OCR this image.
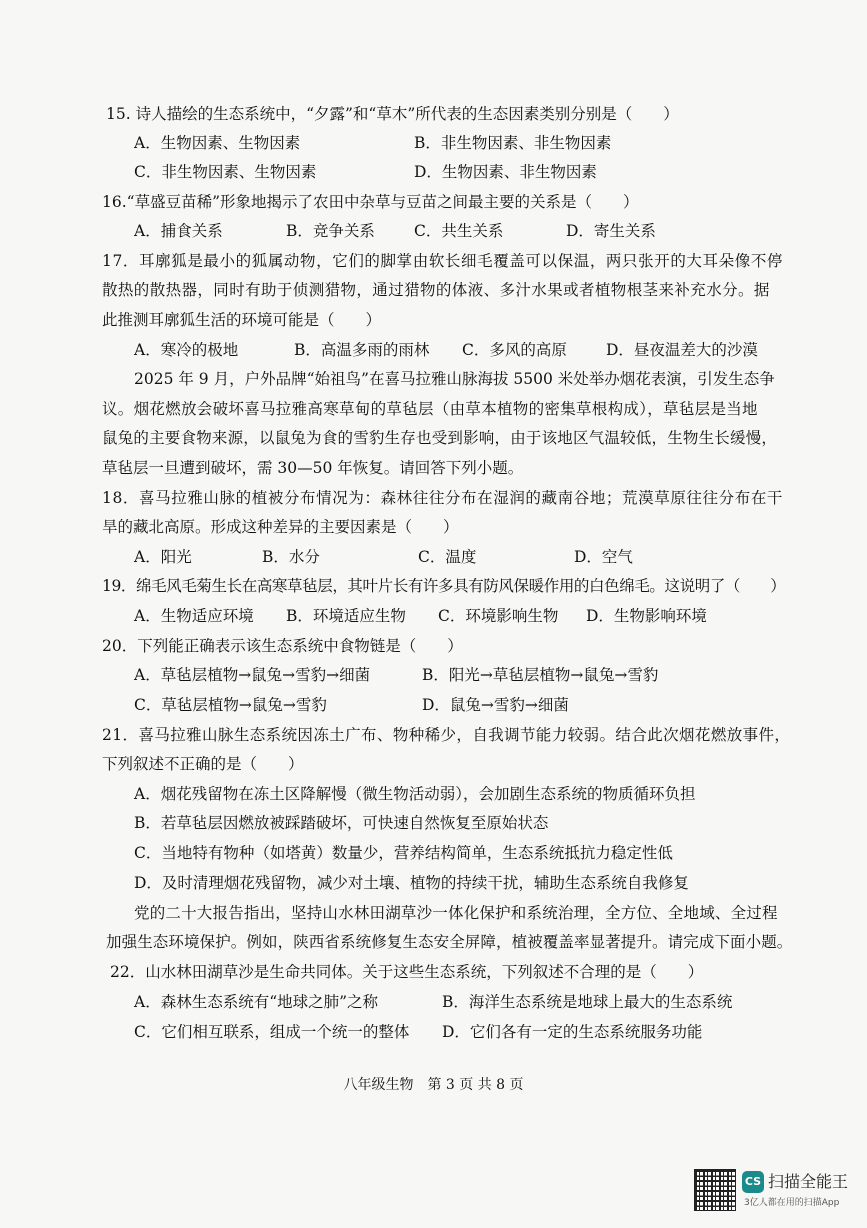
15. 诗人描绘的生态系统中，“夕露”和“草木”所代表的生态因素类别分别是（　　）
A．生物因素、生物因素	B．非生物因素、非生物因素
C．非生物因素、生物因素	D．生物因素、非生物因素
16.“草盛豆苗稀”形象地揭示了农田中杂草与豆苗之间最主要的关系是（　　）
A．捕食关系	B．竞争关系	C．共生关系	D．寄生关系
17．耳廓狐是最小的狐属动物，它们的脚掌由软长细毛覆盖可以保温，两只张开的大耳朵像不停
散热的散热器，同时有助于侦测猎物，通过猎物的体液、多汁水果或者植物根茎来补充水分。据
此推测耳廓狐生活的环境可能是（　　）
A．寒冷的极地	B．高温多雨的雨林 C．多风的高原	D．昼夜温差大的沙漠
2025 年 9 月，户外品牌“始祖鸟”在喜马拉雅山脉海拔 5500 米处举办烟花表演，引发生态争
议。烟花燃放会破坏喜马拉雅高寒草甸的草毡层（由草本植物的密集草根构成），草毡层是当地
鼠兔的主要食物来源，以鼠兔为食的雪豹生存也受到影响，由于该地区气温较低，生物生长缓慢，
草毡层一旦遭到破坏，需 30—50 年恢复。请回答下列小题。
18．喜马拉雅山脉的植被分布情况为：森林往往分布在湿润的藏南谷地；荒漠草原往往分布在干
旱的藏北高原。形成这种差异的主要因素是（　　）
A．阳光	B．水分	C．温度	D．空气
19．绵毛风毛菊生长在高寒草毡层，其叶片长有许多具有防风保暖作用的白色绵毛。这说明了（　　）
A．生物适应环境 B．环境适应生物 C．环境影响生物 D．生物影响环境
20．下列能正确表示该生态系统中食物链是（　　）
A．草毡层植物→鼠兔→雪豹→细菌	B．阳光→草毡层植物→鼠兔→雪豹
C．草毡层植物→鼠兔→雪豹	D．鼠兔→雪豹→细菌
21．喜马拉雅山脉生态系统因冻土广布、物种稀少，自我调节能力较弱。结合此次烟花燃放事件，
下列叙述不正确的是（　　）
A．烟花残留物在冻土区降解慢（微生物活动弱），会加剧生态系统的物质循环负担
B．若草毡层因燃放被踩踏破坏，可快速自然恢复至原始状态
C．当地特有物种（如塔黄）数量少，营养结构简单，生态系统抵抗力稳定性低
D．及时清理烟花残留物，减少对土壤、植物的持续干扰，辅助生态系统自我修复
党的二十大报告指出，坚持山水林田湖草沙一体化保护和系统治理，全方位、全地域、全过程
加强生态环境保护。例如，陕西省系统修复生态安全屏障，植被覆盖率显著提升。请完成下面小题。
22．山水林田湖草沙是生命共同体。关于这些生态系统，下列叙述不合理的是（　　）
A．森林生态系统有“地球之肺”之称	B．海洋生态系统是地球上最大的生态系统
C．它们相互联系，组成一个统一的整体 D．它们各有一定的生态系统服务功能
八年级生物　第 3 页 共 8 页
CS 扫描全能王
3亿人都在用的扫描App
